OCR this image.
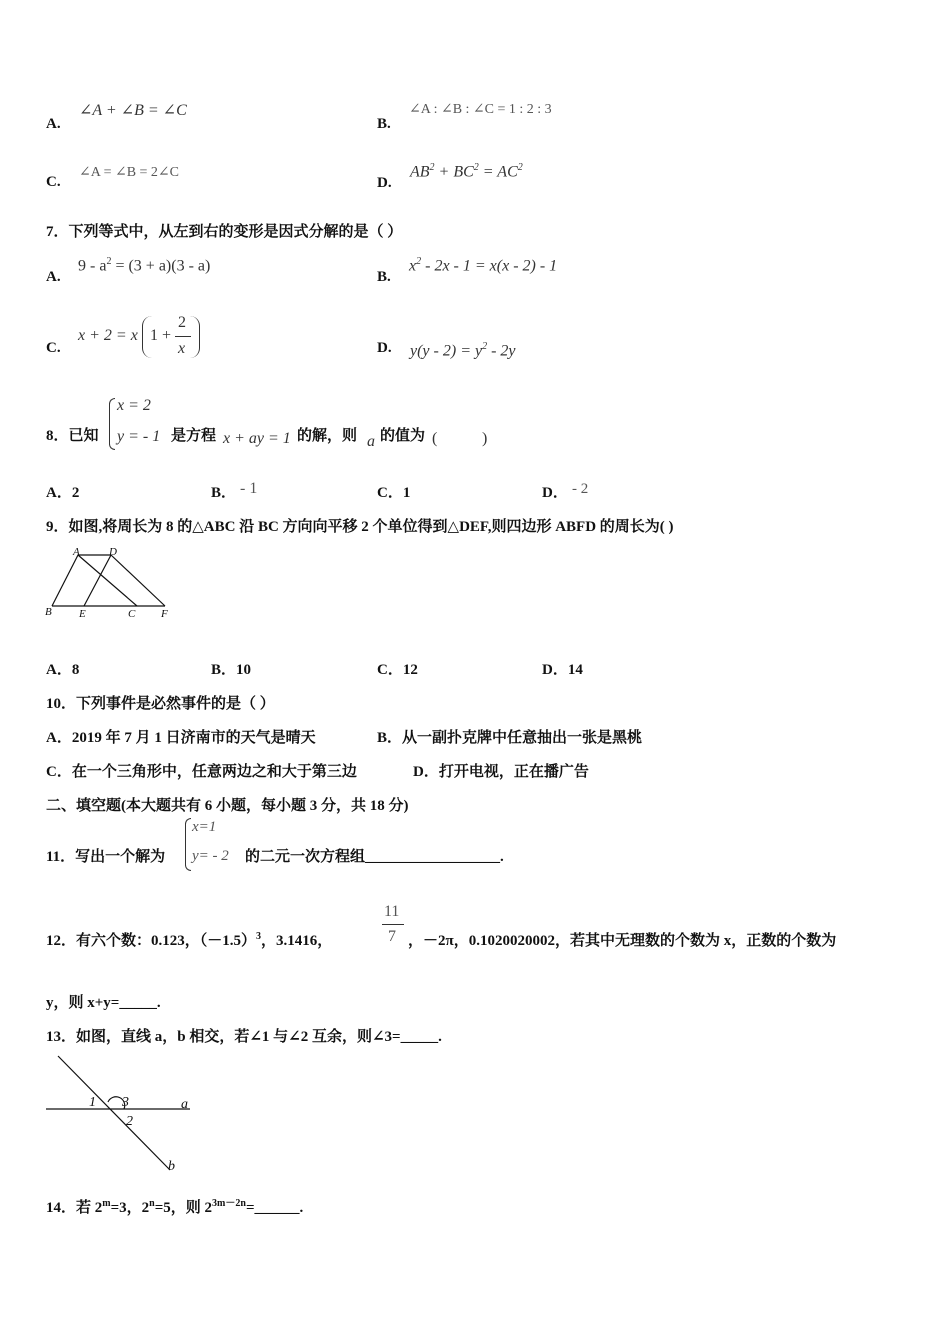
A.
∠A + ∠B = ∠C
B.
∠A : ∠B : ∠C = 1 : 2 : 3
C.
∠A = ∠B = 2∠C
D.
$AB^2 + BC^2 = AC^2$
7．下列等式中，从左到右的变形是因式分解的是（ ）
A.
$9 - a^2 = (3 + a)(3 - a)$
B.
$x^2 - 2x - 1 = x(x - 2) - 1$
C.
x + 2 = x 1 +
2
x	D. $y(y - 2) = y^2 - 2y$
8．已知
x = 2
y = - 1 是方程 x + ay = 1 的解，则 a 的值为 (	)
A．2	B． - 1	C．1	D． - 2
9．如图,将周长为 8 的△ABC 沿 BC 方向向平移 2 个单位得到△DEF,则四边形 ABFD 的周长为( )
A	D
B E	C F
A．8	B．10	C．12	D．14
10．下列事件是必然事件的是（ ）
A．2019 年 7 月 1 日济南市的天气是晴天	B．从一副扑克牌中任意抽出一张是黑桃
C．在一个三角形中，任意两边之和大于第三边	D．打开电视，正在播广告
二、填空题(本大题共有 6 小题，每小题 3 分，共 18 分)
11．写出一个解为
x=1
y= - 2 的二元一次方程组__________________.
12．有六个数：0.123，$(-1.5)^3$，3.1416，
11
7 ，－2π，0.1020020002，若其中无理数的个数为 x，正数的个数为
y，则 x+y=_____.
13．如图，直线 a，b 相交，若∠1 与∠2 互余，则∠3=_____.
1 3
2
a
b
14．若 $2^m=3$，$2^n=5$，则 $2^{3m-2n}=\_\_\_\_\_\_$.
